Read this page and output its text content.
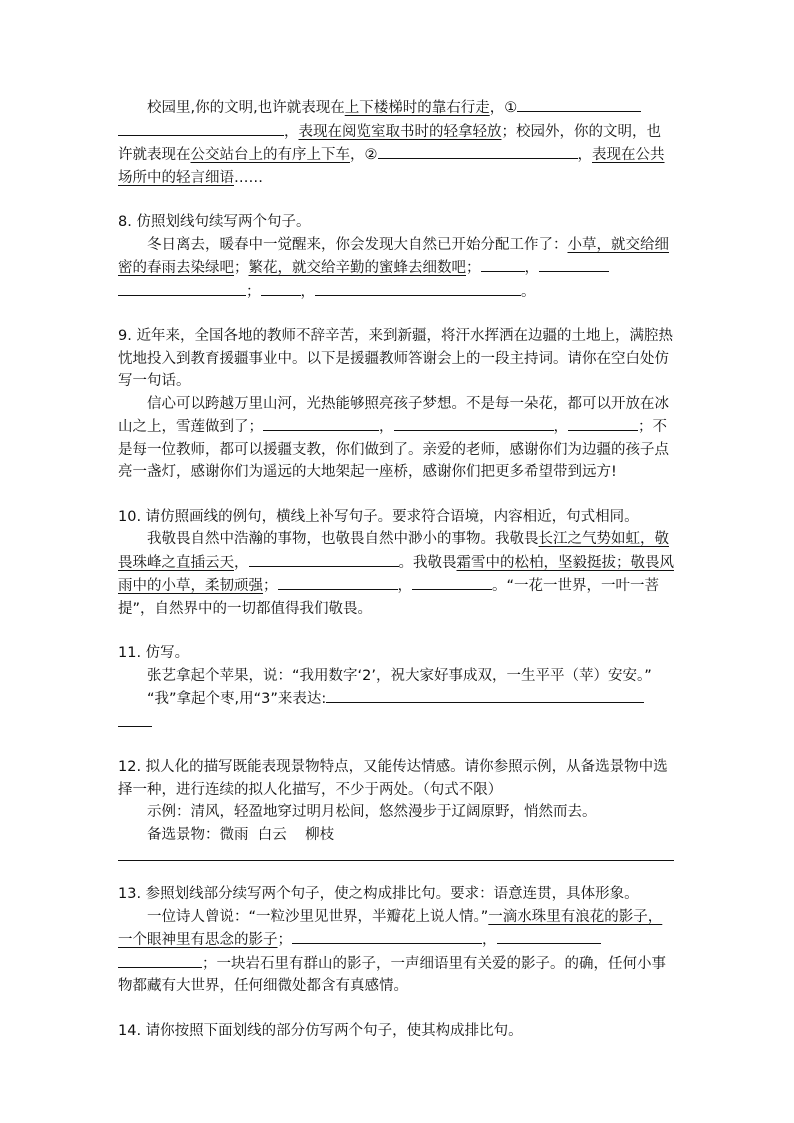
校园里,你的文明,也许就表现在上下楼梯时的靠右行走，①，表现在阅览室取书时的轻拿轻放；校园外，你的文明，也许就表现在公交站台上的有序上下车，②	，表现在公共场所中的轻言细语……

8. 仿照划线句续写两个句子。

冬日离去，暖春中一觉醒来，你会发现大自然已开始分配工作了：小草，就交给细密的春雨去染绿吧；繁花，就交给辛勤的蜜蜂去细数吧；	，；	，	。

9. 近年来，全国各地的教师不辞辛苦，来到新疆，将汗水挥洒在边疆的土地上，满腔热忱地投入到教育援疆事业中。以下是援疆教师答谢会上的一段主持词。请你在空白处仿写一句话。

信心可以跨越万里山河，光热能够照亮孩子梦想。不是每一朵花，都可以开放在冰山之上，雪莲做到了；	，	，	；不是每一位教师，都可以援疆支教，你们做到了。亲爱的老师，感谢你们为边疆的孩子点亮一盏灯，感谢你们为遥远的大地架起一座桥，感谢你们把更多希望带到远方!

10. 请仿照画线的例句，横线上补写句子。要求符合语境，内容相近，句式相同。

我敬畏自然中浩瀚的事物，也敬畏自然中渺小的事物。我敬畏长江之气势如虹，敬畏珠峰之直插云天，	。我敬畏霜雪中的松柏，坚毅挺拔；敬畏风雨中的小草，柔韧顽强；	，	。“一花一世界，一叶一菩提”，自然界中的一切都值得我们敬畏。

11. 仿写。

张艺拿起个苹果，说：“我用数字‘2’，祝大家好事成双，一生平平（苹）安安。”

“我”拿起个枣,用“3”来表达:

12. 拟人化的描写既能表现景物特点，又能传达情感。请你参照示例，从备选景物中选择一种，进行连续的拟人化描写，不少于两处。（句式不限）

示例：清风，轻盈地穿过明月松间，悠然漫步于辽阔原野，悄然而去。

备选景物：微雨  白云    柳枝

13. 参照划线部分续写两个句子，使之构成排比句。要求：语意连贯，具体形象。

一位诗人曾说：“一粒沙里见世界，半瓣花上说人情。”一滴水珠里有浪花的影子，一个眼神里有思念的影子；	，；一块岩石里有群山的影子，一声细语里有关爱的影子。的确，任何小事物都藏有大世界，任何细微处都含有真感情。

14. 请你按照下面划线的部分仿写两个句子，使其构成排比句。
